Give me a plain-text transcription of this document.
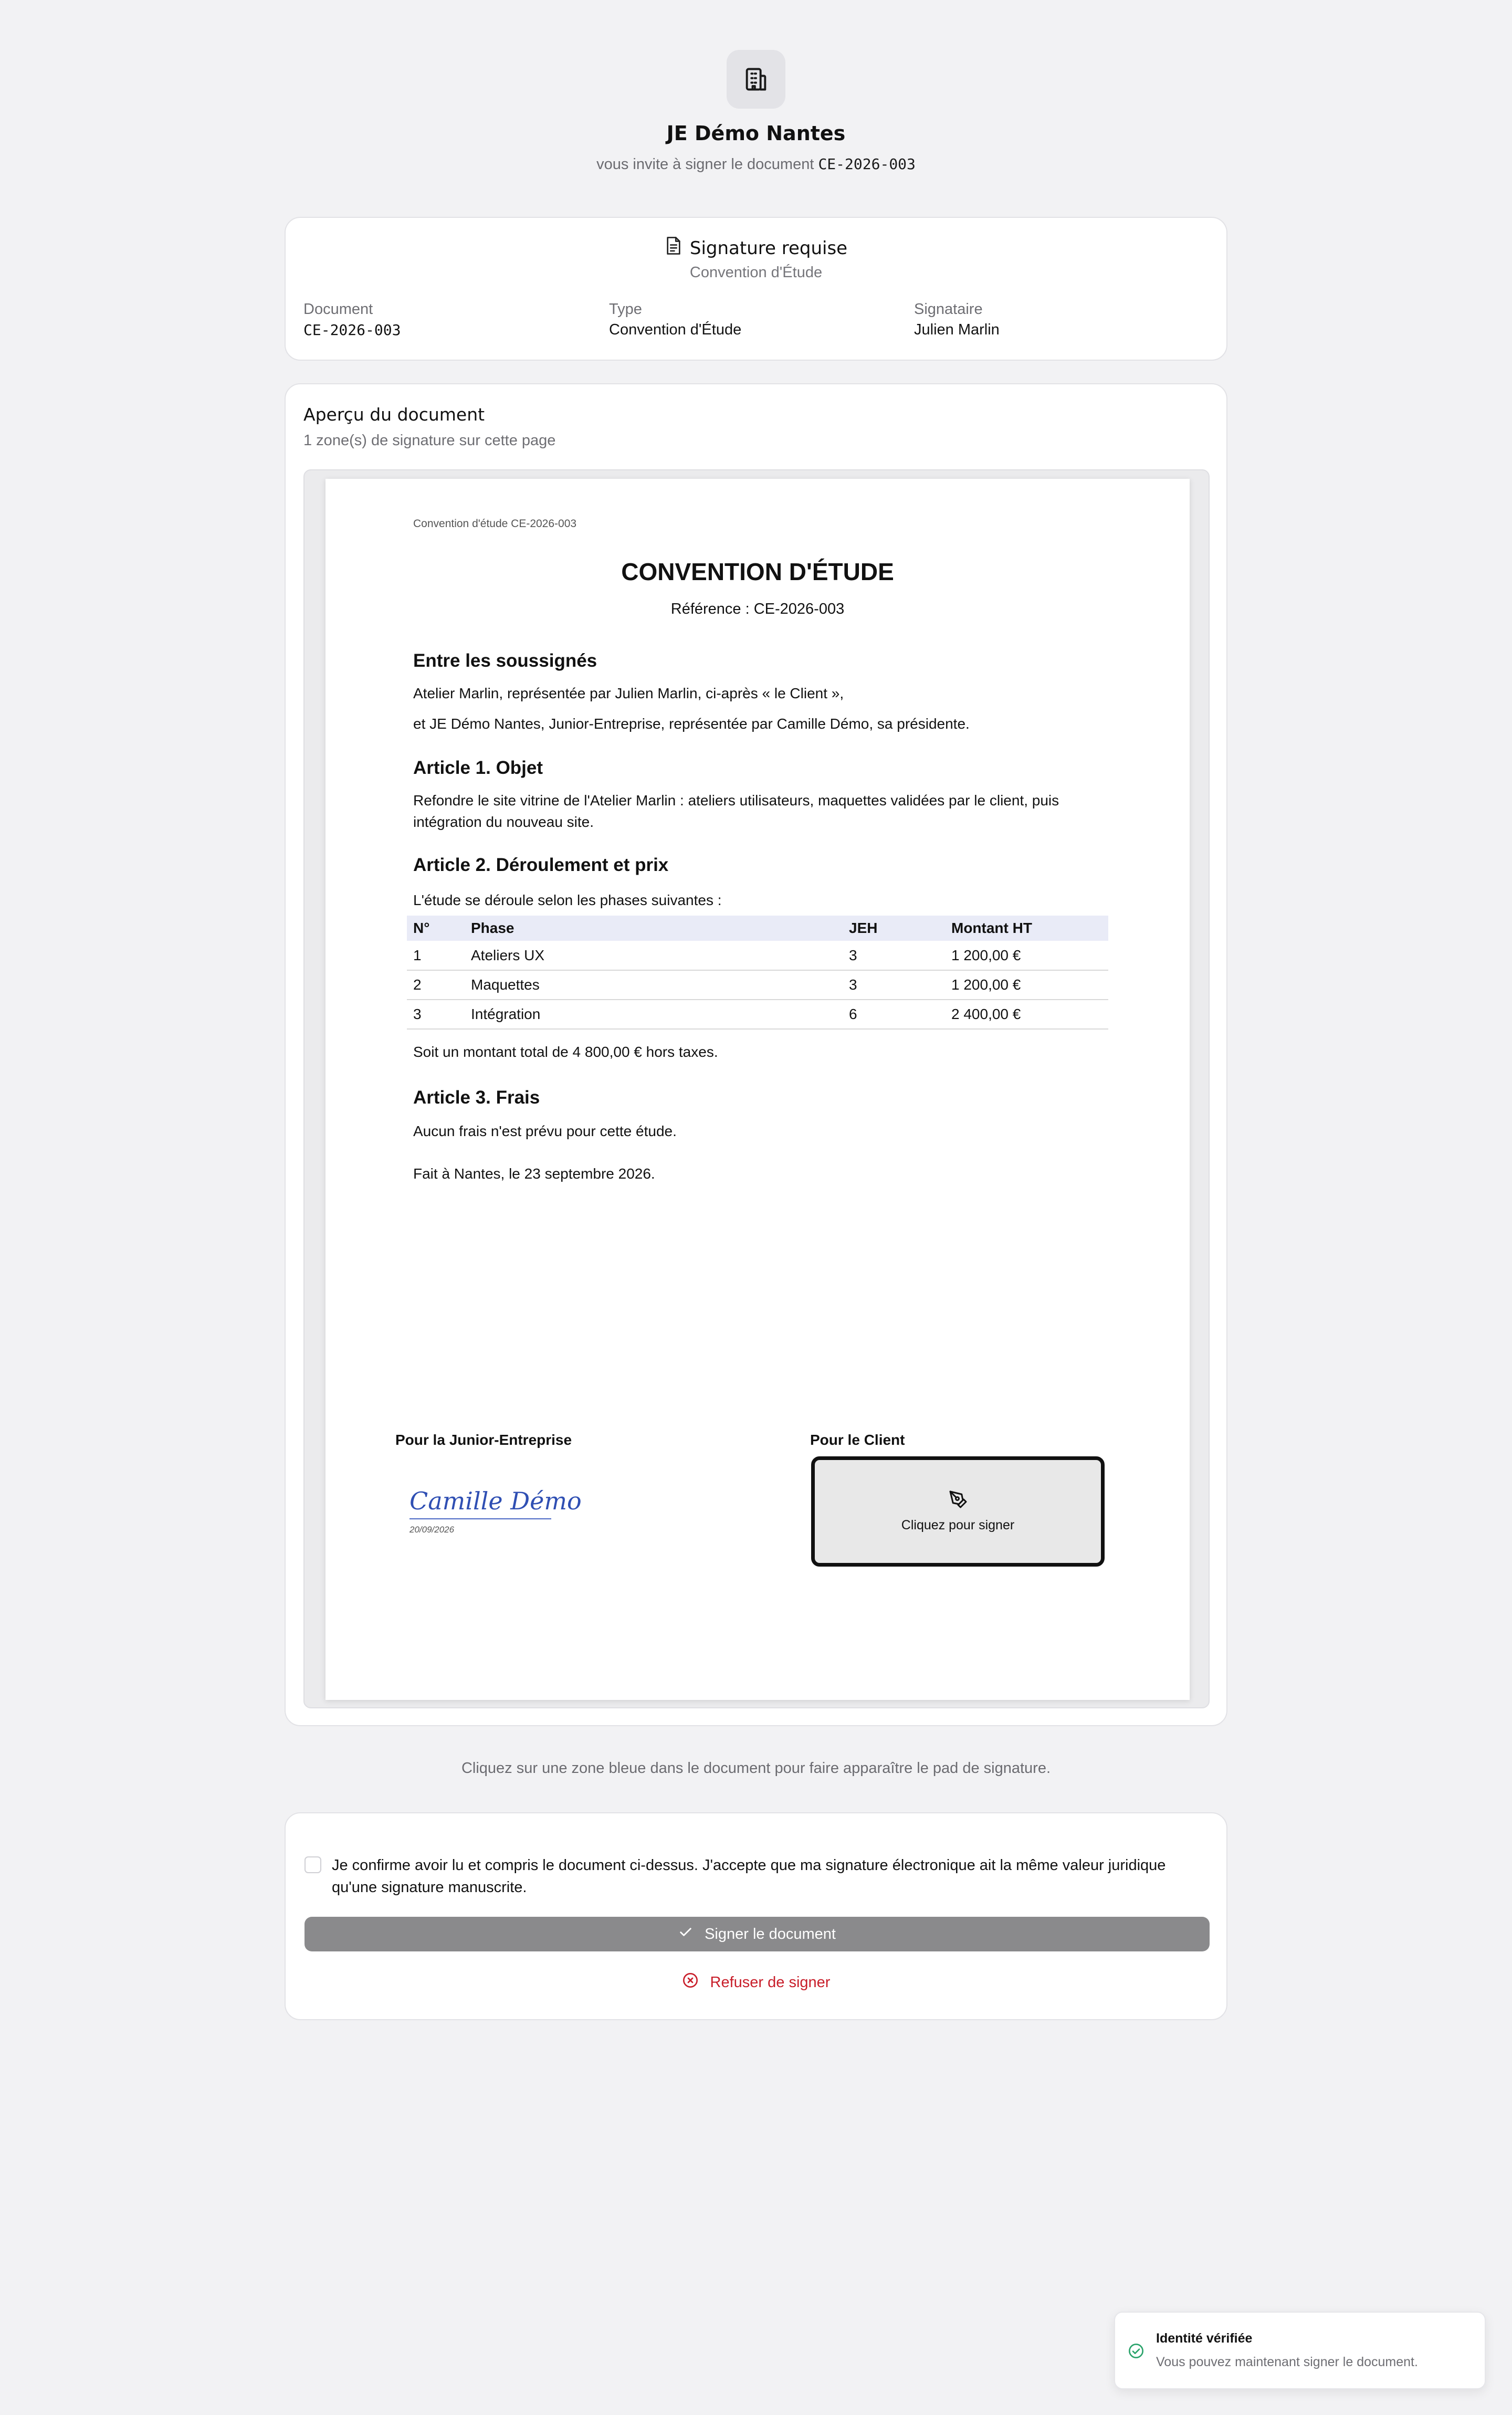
JE Démo Nantes
vous invite à signer le document CE-2026-003
Signature requise
Convention d'Étude
Document
CE-2026-003
Type
Convention d'Étude
Signataire
Julien Marlin
Aperçu du document
1 zone(s) de signature sur cette page
Convention d'étude CE-2026-003
CONVENTION D'ÉTUDE
Référence : CE-2026-003
Entre les soussignés
Atelier Marlin, représentée par Julien Marlin, ci-après « le Client »,
et JE Démo Nantes, Junior-Entreprise, représentée par Camille Démo, sa présidente.
Article 1. Objet
Refondre le site vitrine de l'Atelier Marlin : ateliers utilisateurs, maquettes validées par le client, puis intégration du nouveau site.
Article 2. Déroulement et prix
L'étude se déroule selon les phases suivantes :
N°	Phase	JEH	Montant HT
1	Ateliers UX	3	1 200,00 €
2	Maquettes	3	1 200,00 €
3	Intégration	6	2 400,00 €
Soit un montant total de 4 800,00 € hors taxes.
Article 3. Frais
Aucun frais n'est prévu pour cette étude.
Fait à Nantes, le 23 septembre 2026.
Pour la Junior-Entreprise
Camille Démo
20/09/2026
Pour le Client
Cliquez pour signer
Cliquez sur une zone bleue dans le document pour faire apparaître le pad de signature.
Je confirme avoir lu et compris le document ci-dessus. J'accepte que ma signature électronique ait la même valeur juridique qu'une signature manuscrite.
Signer le document
Refuser de signer
Identité vérifiée
Vous pouvez maintenant signer le document.
